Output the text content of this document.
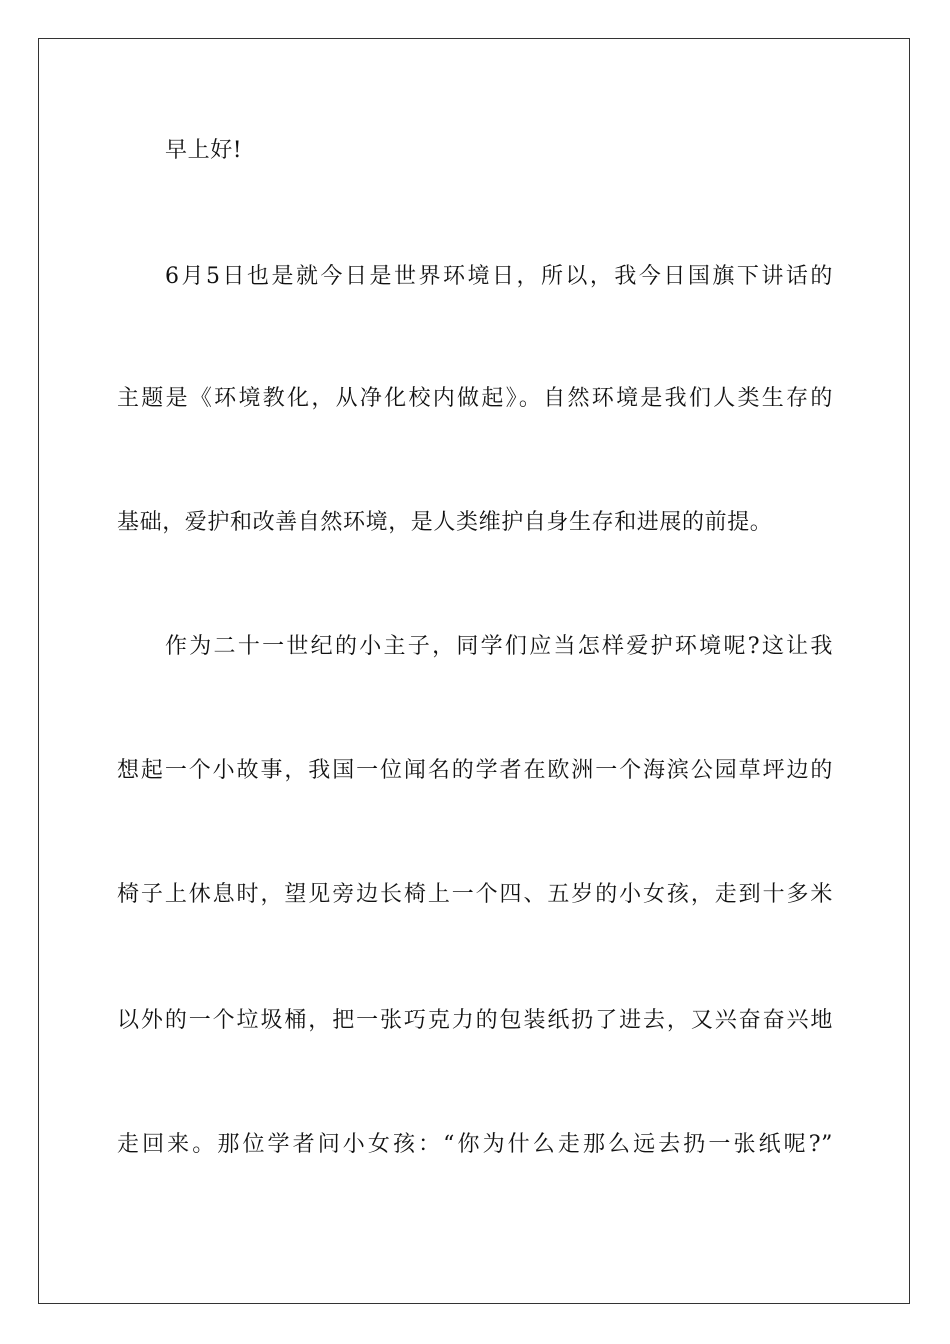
早上好!
6月5日也是就今日是世界环境日，所以，我今日国旗下讲话的
主题是《环境教化，从净化校内做起》。自然环境是我们人类生存的
基础，爱护和改善自然环境，是人类维护自身生存和进展的前提。
作为二十一世纪的小主子，同学们应当怎样爱护环境呢?这让我
想起一个小故事，我国一位闻名的学者在欧洲一个海滨公园草坪边的
椅子上休息时，望见旁边长椅上一个四、五岁的小女孩，走到十多米
以外的一个垃圾桶，把一张巧克力的包装纸扔了进去，又兴奋奋兴地
走回来。那位学者问小女孩：“你为什么走那么远去扔一张纸呢?”
